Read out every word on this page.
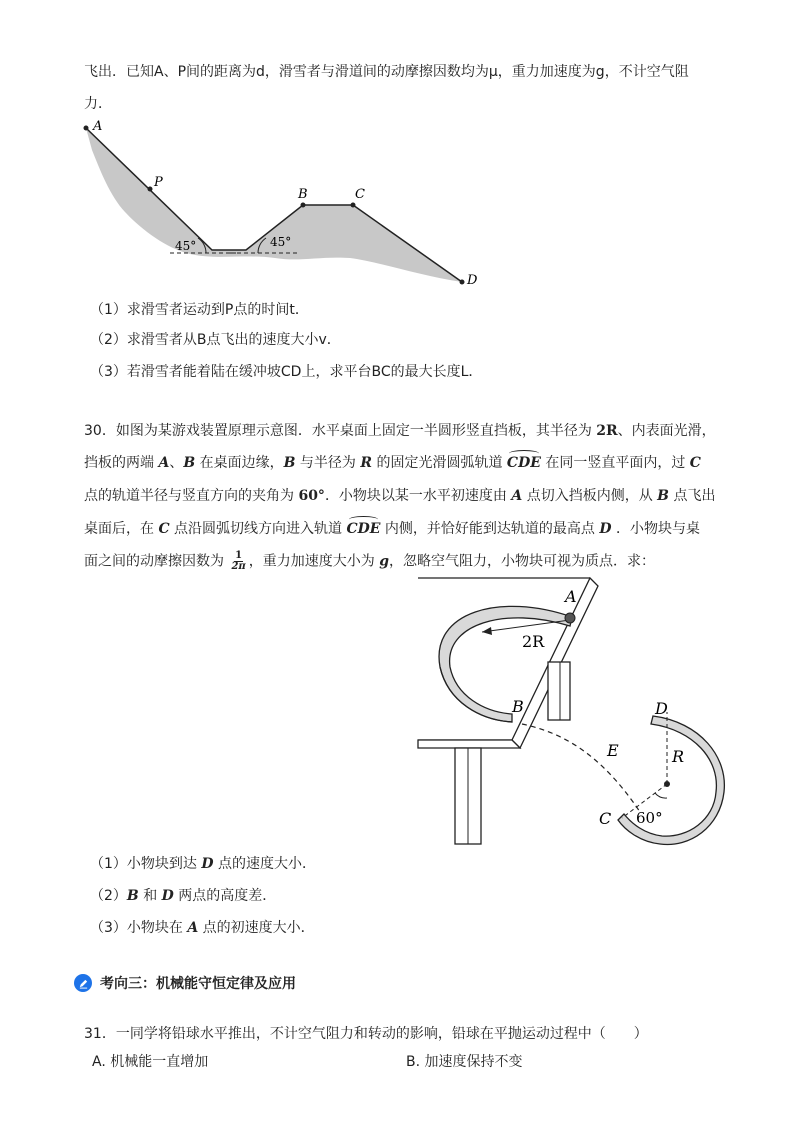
飞出．已知A、P间的距离为d，滑雪者与滑道间的动摩擦因数均为μ，重力加速度为g，不计空气阻
力．
A
P
B	C
D
45°	45°
（1）求滑雪者运动到P点的时间t．
（2）求滑雪者从B点飞出的速度大小v．
（3）若滑雪者能着陆在缓冲坡CD上，求平台BC的最大长度L．
30．如图为某游戏装置原理示意图．水平桌面上固定一半圆形竖直挡板，其半径为 2R、内表面光滑，
挡板的两端 A、B 在桌面边缘，B 与半径为 R 的固定光滑圆弧轨道 CDE 在同一竖直平面内，过 C
点的轨道半径与竖直方向的夹角为 60°．小物块以某一水平初速度由 A 点切入挡板内侧，从 B 点飞出
桌面后，在 C 点沿圆弧切线方向进入轨道 CDE 内侧，并恰好能到达轨道的最高点 D ．小物块与桌
面之间的动摩擦因数为 $\frac{1}{2\pi}$ ，重力加速度大小为 g，忽略空气阻力，小物块可视为质点．求：
A
2R
B	D
E	R
C 60°
（1）小物块到达 D 点的速度大小．
（2）B 和 D 两点的高度差．
（3）小物块在 A 点的初速度大小．
考向三：机械能守恒定律及应用
31．一同学将铅球水平推出，不计空气阻力和转动的影响，铅球在平抛运动过程中（　　）
A. 机械能一直增加	B. 加速度保持不变
